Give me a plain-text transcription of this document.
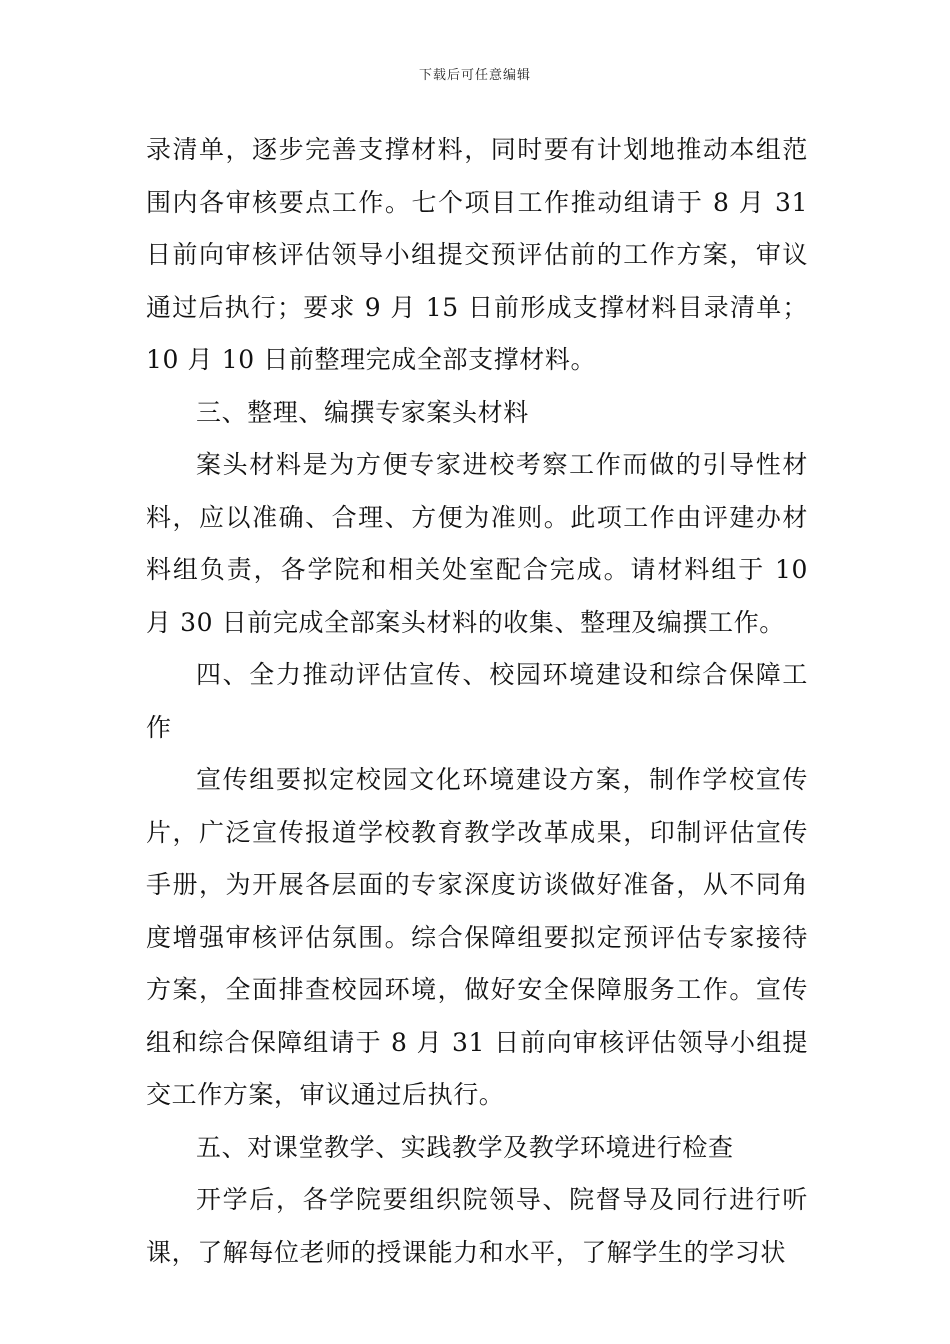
下载后可任意编辑

录清单，逐步完善支撑材料，同时要有计划地推动本组范围内各审核要点工作。七个项目工作推动组请于 8 月 31 日前向审核评估领导小组提交预评估前的工作方案，审议通过后执行；要求 9 月 15 日前形成支撑材料目录清单；10 月 10 日前整理完成全部支撑材料。

三、整理、编撰专家案头材料

案头材料是为方便专家进校考察工作而做的引导性材料，应以准确、合理、方便为准则。此项工作由评建办材料组负责，各学院和相关处室配合完成。请材料组于 10 月 30 日前完成全部案头材料的收集、整理及编撰工作。

四、全力推动评估宣传、校园环境建设和综合保障工作

宣传组要拟定校园文化环境建设方案，制作学校宣传片，广泛宣传报道学校教育教学改革成果，印制评估宣传手册，为开展各层面的专家深度访谈做好准备，从不同角度增强审核评估氛围。综合保障组要拟定预评估专家接待方案，全面排查校园环境，做好安全保障服务工作。宣传组和综合保障组请于 8 月 31 日前向审核评估领导小组提交工作方案，审议通过后执行。

五、对课堂教学、实践教学及教学环境进行检查

开学后，各学院要组织院领导、院督导及同行进行听课，了解每位老师的授课能力和水平，了解学生的学习状
